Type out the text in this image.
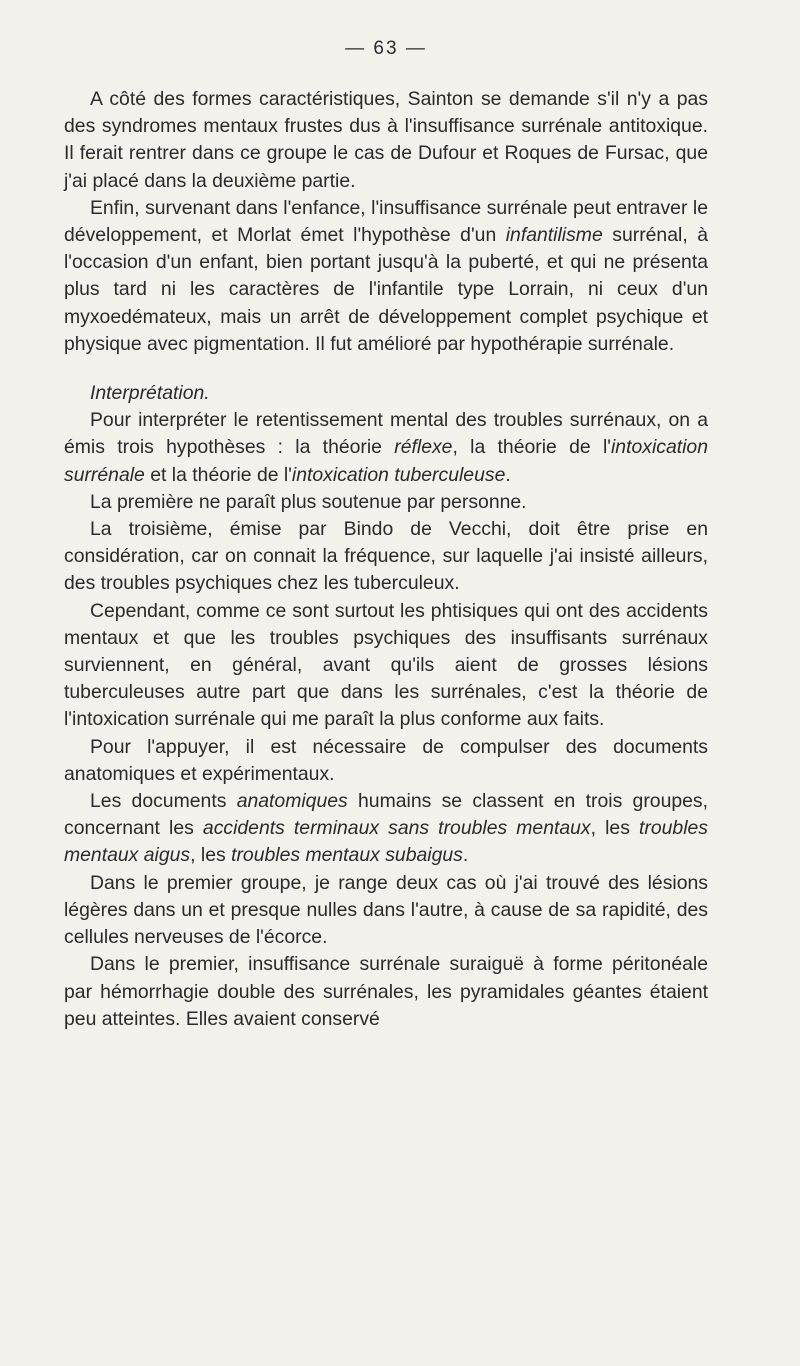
— 63 —

A côté des formes caractéristiques, Sainton se demande s'il n'y a pas des syndromes mentaux frustes dus à l'insuffisance surrénale antitoxique. Il ferait rentrer dans ce groupe le cas de Dufour et Roques de Fursac, que j'ai placé dans la deuxième partie.

Enfin, survenant dans l'enfance, l'insuffisance surrénale peut entraver le développement, et Morlat émet l'hypothèse d'un infantilisme surrénal, à l'occasion d'un enfant, bien portant jusqu'à la puberté, et qui ne présenta plus tard ni les caractères de l'infantile type Lorrain, ni ceux d'un myxoedémateux, mais un arrêt de développement complet psychique et physique avec pigmentation. Il fut amélioré par hypothérapie surrénale.

Interprétation.

Pour interpréter le retentissement mental des troubles surrénaux, on a émis trois hypothèses : la théorie réflexe, la théorie de l'intoxication surrénale et la théorie de l'intoxication tuberculeuse.

La première ne paraît plus soutenue par personne.

La troisième, émise par Bindo de Vecchi, doit être prise en considération, car on connait la fréquence, sur laquelle j'ai insisté ailleurs, des troubles psychiques chez les tuberculeux.

Cependant, comme ce sont surtout les phtisiques qui ont des accidents mentaux et que les troubles psychiques des insuffisants surrénaux surviennent, en général, avant qu'ils aient de grosses lésions tuberculeuses autre part que dans les surrénales, c'est la théorie de l'intoxication surrénale qui me paraît la plus conforme aux faits.

Pour l'appuyer, il est nécessaire de compulser des documents anatomiques et expérimentaux.

Les documents anatomiques humains se classent en trois groupes, concernant les accidents terminaux sans troubles mentaux, les troubles mentaux aigus, les troubles mentaux subaigus.

Dans le premier groupe, je range deux cas où j'ai trouvé des lésions légères dans un et presque nulles dans l'autre, à cause de sa rapidité, des cellules nerveuses de l'écorce.

Dans le premier, insuffisance surrénale suraiguë à forme péritonéale par hémorrhagie double des surrénales, les pyramidales géantes étaient peu atteintes. Elles avaient conservé
